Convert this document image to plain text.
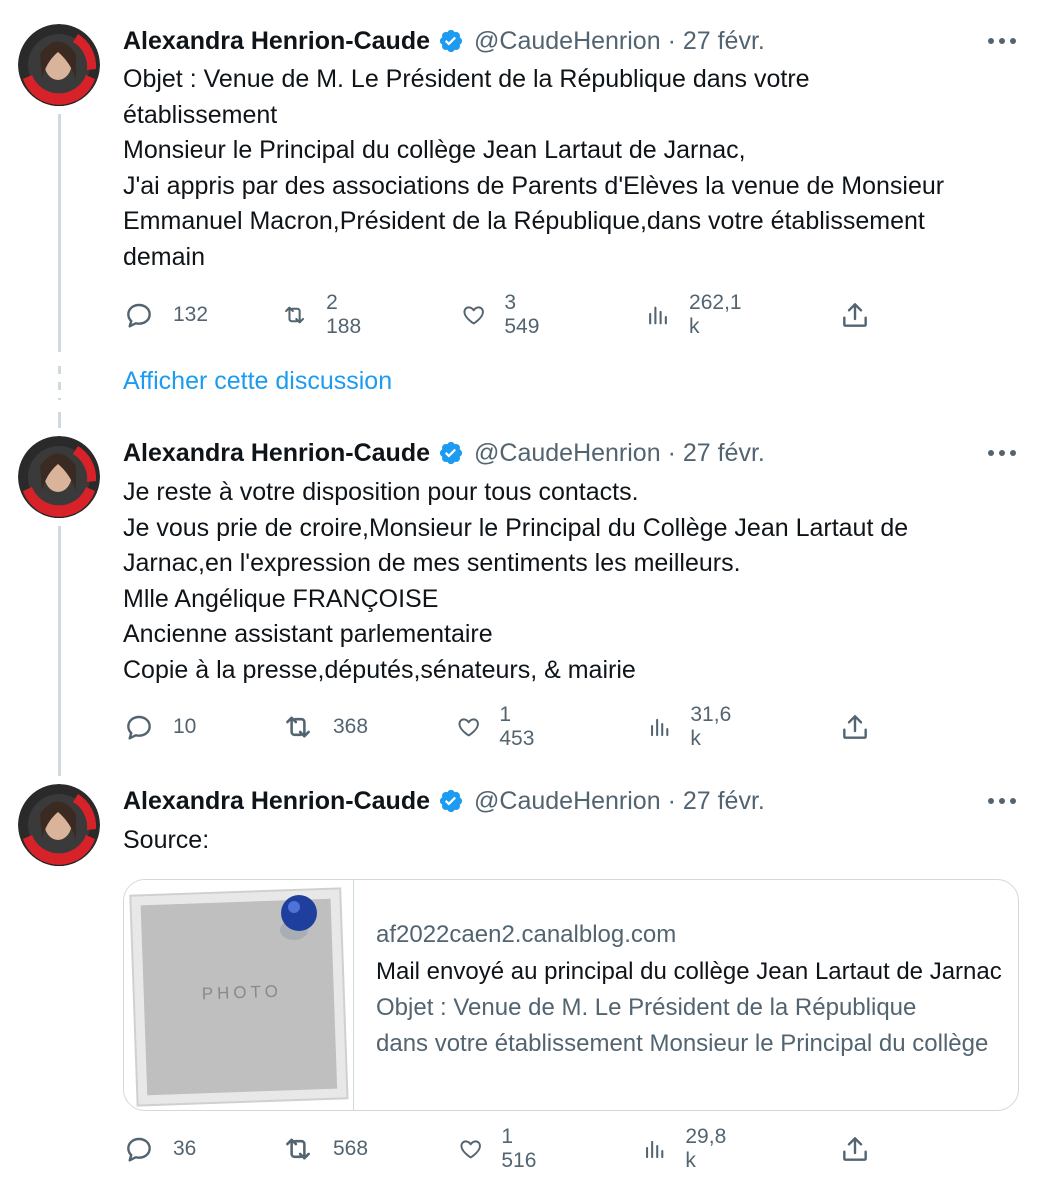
Alexandra Henrion-Caude @CaudeHenrion · 27 févr.
Objet : Venue de M. Le Président de la République dans votre
établissement
Monsieur le Principal du collège Jean Lartaut de Jarnac,
J'ai appris par des associations de Parents d'Elèves la venue de Monsieur
Emmanuel Macron,Président de la République,dans votre établissement
demain
132
2 188
3 549
262,1 k
Afficher cette discussion
Alexandra Henrion-Caude @CaudeHenrion · 27 févr.
Je reste à votre disposition pour tous contacts.
Je vous prie de croire,Monsieur le Principal du Collège Jean Lartaut de
Jarnac,en l'expression de mes sentiments les meilleurs.
Mlle Angélique FRANÇOISE
Ancienne assistant parlementaire
Copie à la presse,députés,sénateurs, & mairie
10	368
1 453
31,6 k
Alexandra Henrion-Caude @CaudeHenrion · 27 févr.
Source:
PHOTO
af2022caen2.canalblog.com
Mail envoyé au principal du collège Jean Lartaut de Jarnac
Objet : Venue de M. Le Président de la République
dans votre établissement Monsieur le Principal du collège
36	568
1 516
29,8 k
